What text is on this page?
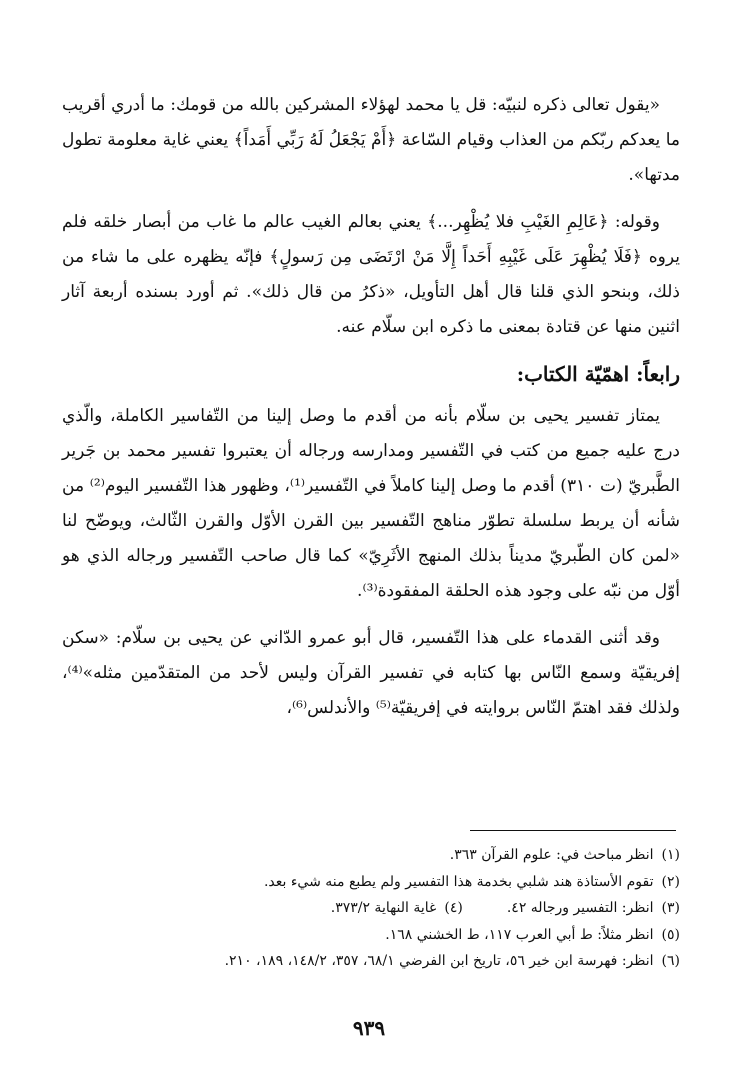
«يقول تعالى ذكره لنبيّه: قل يا محمد لهؤلاء المشركين بالله من قومك: ما أدري أقريب ما يعدكم ربّكم من العذاب وقيام السّاعة ﴿أَمْ يَجْعَلُ لَهُ رَبِّي أَمَداً﴾ يعني غاية معلومة تطول مدتها».

وقوله: ﴿عَالِمِ الغَيْبِ فلا يُظْهِر...﴾ يعني بعالم الغيب عالم ما غاب من أبصار خلقه فلم يروه ﴿فَلَا يُظْهِرَ عَلَى غَيْبِهِ أَحَداً إِلَّا مَنْ ارْتَضَى مِن رَسولٍ﴾ فإنّه يظهره على ما شاء من ذلك، وبنحو الذي قلنا قال أهل التأويل، «ذكرُ من قال ذلك». ثم أورد بسنده أربعة آثار اثنين منها عن قتادة بمعنى ما ذكره ابن سلّام عنه.

رابعاً: اهمّيّة الكتاب:

يمتاز تفسير يحيى بن سلّام بأنه من أقدم ما وصل إلينا من التّفاسير الكاملة، والّذي درج عليه جميع من كتب في التّفسير ومدارسه ورجاله أن يعتبروا تفسير محمد بن جَرير الطَّبريّ (ت ٣١٠) أقدم ما وصل إلينا كاملاً في التّفسير⁽¹⁾، وظهور هذا التّفسير اليوم⁽²⁾ من شأنه أن يربط سلسلة تطوّر مناهج التّفسير بين القرن الأوّل والقرن الثّالث، ويوضّح لنا «لمن كان الطّبريّ مديناً بذلك المنهج الأثَرِيّ» كما قال صاحب التّفسير ورجاله الذي هو أوّل من نبّه على وجود هذه الحلقة المفقودة⁽³⁾.

وقد أثنى القدماء على هذا التّفسير، قال أبو عمرو الدّاني عن يحيى بن سلّام: «سكن إفريقيّة وسمع النّاس بها كتابه في تفسير القرآن وليس لأحد من المتقدّمين مثله»⁽⁴⁾، ولذلك فقد اهتمّ النّاس بروايته في إفريقيّة⁽⁵⁾ والأندلس⁽⁶⁾،

(١)انظر مباحث في: علوم القرآن ٣٦٣.
(٢)تقوم الأستاذة هند شلبي بخدمة هذا التفسير ولم يطبع منه شيء بعد.
(٣)انظر: التفسير ورجاله ٤٢.
(٤)غاية النهاية ٣٧٣/٢.
(٥)انظر مثلاً: ط أبي العرب ١١٧، ط الخشني ١٦٨.
(٦)انظر: فهرسة ابن خير ٥٦، تاريخ ابن الفرضي ٦٨/١، ٣٥٧، ١٤٨/٢، ١٨٩، ٢١٠.
٩٣٩
